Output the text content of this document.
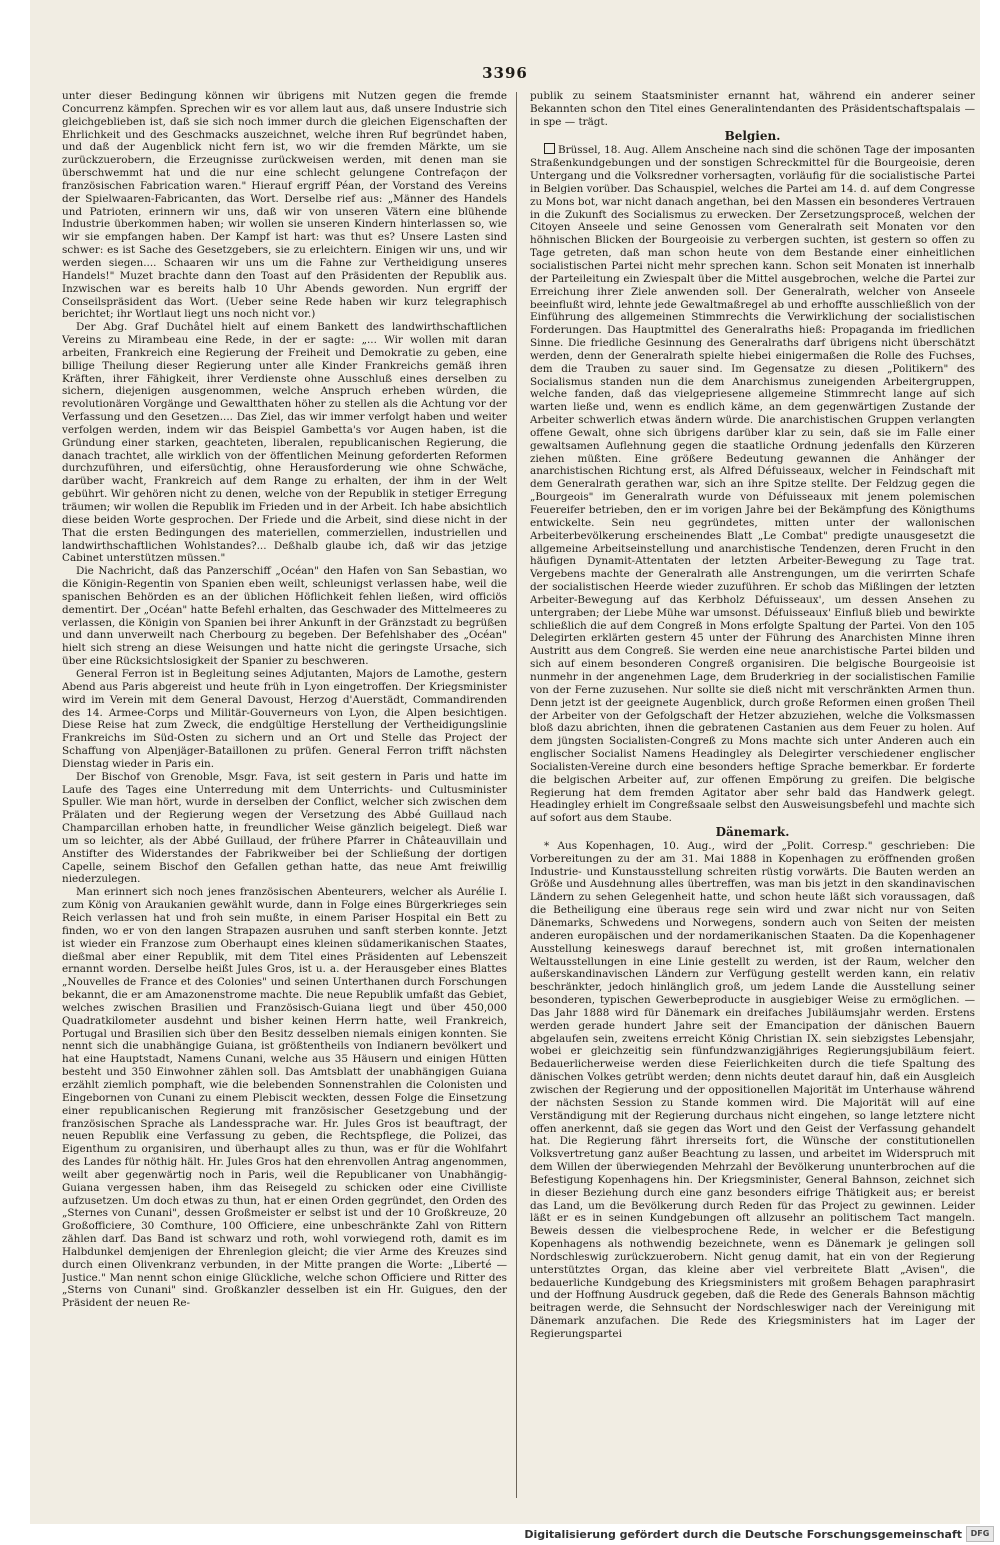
3396

unter dieser Bedingung können wir übrigens mit Nutzen gegen die fremde Concurrenz kämpfen. Sprechen wir es vor allem laut aus, daß unsere Industrie sich gleichgeblieben ist, daß sie sich noch immer durch die gleichen Eigenschaften der Ehrlichkeit und des Geschmacks auszeichnet, welche ihren Ruf begründet haben, und daß der Augenblick nicht fern ist, wo wir die fremden Märkte, um sie zurückzuerobern, die Erzeugnisse zurückweisen werden, mit denen man sie überschwemmt hat und die nur eine schlecht gelungene Contrefaçon der französischen Fabrication waren." Hierauf ergriff Péan, der Vorstand des Vereins der Spielwaaren-Fabricanten, das Wort. Derselbe rief aus: „Männer des Handels und Patrioten, erinnern wir uns, daß wir von unseren Vätern eine blühende Industrie überkommen haben; wir wollen sie unseren Kindern hinterlassen so, wie wir sie empfangen haben. Der Kampf ist hart: was thut es? Unsere Lasten sind schwer: es ist Sache des Gesetzgebers, sie zu erleichtern. Einigen wir uns, und wir werden siegen.... Schaaren wir uns um die Fahne zur Vertheidigung unseres Handels!" Muzet brachte dann den Toast auf den Präsidenten der Republik aus. Inzwischen war es bereits halb 10 Uhr Abends geworden. Nun ergriff der Conseilspräsident das Wort. (Ueber seine Rede haben wir kurz telegraphisch berichtet; ihr Wortlaut liegt uns noch nicht vor.)

Der Abg. Graf Duchâtel hielt auf einem Bankett des landwirthschaftlichen Vereins zu Mirambeau eine Rede, in der er sagte: „... Wir wollen mit daran arbeiten, Frankreich eine Regierung der Freiheit und Demokratie zu geben, eine billige Theilung dieser Regierung unter alle Kinder Frankreichs gemäß ihren Kräften, ihrer Fähigkeit, ihrer Verdienste ohne Ausschluß eines derselben zu sichern, diejenigen ausgenommen, welche Anspruch erheben würden, die revolutionären Vorgänge und Gewaltthaten höher zu stellen als die Achtung vor der Verfassung und den Gesetzen.... Das Ziel, das wir immer verfolgt haben und weiter verfolgen werden, indem wir das Beispiel Gambetta's vor Augen haben, ist die Gründung einer starken, geachteten, liberalen, republicanischen Regierung, die danach trachtet, alle wirklich von der öffentlichen Meinung geforderten Reformen durchzuführen, und eifersüchtig, ohne Herausforderung wie ohne Schwäche, darüber wacht, Frankreich auf dem Range zu erhalten, der ihm in der Welt gebührt. Wir gehören nicht zu denen, welche von der Republik in stetiger Erregung träumen; wir wollen die Republik im Frieden und in der Arbeit. Ich habe absichtlich diese beiden Worte gesprochen. Der Friede und die Arbeit, sind diese nicht in der That die ersten Bedingungen des materiellen, commerziellen, industriellen und landwirthschaftlichen Wohlstandes?... Deßhalb glaube ich, daß wir das jetzige Cabinet unterstützen müssen."

Die Nachricht, daß das Panzerschiff „Océan" den Hafen von San Sebastian, wo die Königin-Regentin von Spanien eben weilt, schleunigst verlassen habe, weil die spanischen Behörden es an der üblichen Höflichkeit fehlen ließen, wird officiös dementirt. Der „Océan" hatte Befehl erhalten, das Geschwader des Mittelmeeres zu verlassen, die Königin von Spanien bei ihrer Ankunft in der Gränzstadt zu begrüßen und dann unverweilt nach Cherbourg zu begeben. Der Befehlshaber des „Océan" hielt sich streng an diese Weisungen und hatte nicht die geringste Ursache, sich über eine Rücksichtslosigkeit der Spanier zu beschweren.

General Ferron ist in Begleitung seines Adjutanten, Majors de Lamothe, gestern Abend aus Paris abgereist und heute früh in Lyon eingetroffen. Der Kriegsminister wird im Verein mit dem General Davoust, Herzog d'Auerstädt, Commandirenden des 14. Armee-Corps und Militär-Gouverneurs von Lyon, die Alpen besichtigen. Diese Reise hat zum Zweck, die endgültige Herstellung der Vertheidigungslinie Frankreichs im Süd-Osten zu sichern und an Ort und Stelle das Project der Schaffung von Alpenjäger-Bataillonen zu prüfen. General Ferron trifft nächsten Dienstag wieder in Paris ein.

Der Bischof von Grenoble, Msgr. Fava, ist seit gestern in Paris und hatte im Laufe des Tages eine Unterredung mit dem Unterrichts- und Cultusminister Spuller. Wie man hört, wurde in derselben der Conflict, welcher sich zwischen dem Prälaten und der Regierung wegen der Versetzung des Abbé Guillaud nach Champarcillan erhoben hatte, in freundlicher Weise gänzlich beigelegt. Dieß war um so leichter, als der Abbé Guillaud, der frühere Pfarrer in Châteauvillain und Anstifter des Widerstandes der Fabrikweiber bei der Schließung der dortigen Capelle, seinem Bischof den Gefallen gethan hatte, das neue Amt freiwillig niederzulegen.

Man erinnert sich noch jenes französischen Abenteurers, welcher als Aurélie I. zum König von Araukanien gewählt wurde, dann in Folge eines Bürgerkrieges sein Reich verlassen hat und froh sein mußte, in einem Pariser Hospital ein Bett zu finden, wo er von den langen Strapazen ausruhen und sanft sterben konnte. Jetzt ist wieder ein Franzose zum Oberhaupt eines kleinen südamerikanischen Staates, dießmal aber einer Republik, mit dem Titel eines Präsidenten auf Lebenszeit ernannt worden. Derselbe heißt Jules Gros, ist u. a. der Herausgeber eines Blattes „Nouvelles de France et des Colonies" und seinen Unterthanen durch Forschungen bekannt, die er am Amazonenstrome machte. Die neue Republik umfaßt das Gebiet, welches zwischen Brasilien und Französisch-Guiana liegt und über 450,000 Quadratkilometer ausdehnt und bisher keinen Herrn hatte, weil Frankreich, Portugal und Brasilien sich über den Besitz desselben niemals einigen konnten. Sie nennt sich die unabhängige Guiana, ist größtentheils von Indianern bevölkert und hat eine Hauptstadt, Namens Cunani, welche aus 35 Häusern und einigen Hütten besteht und 350 Einwohner zählen soll. Das Amtsblatt der unabhängigen Guiana erzählt ziemlich pomphaft, wie die belebenden Sonnenstrahlen die Colonisten und Eingebornen von Cunani zu einem Plebiscit weckten, dessen Folge die Einsetzung einer republicanischen Regierung mit französischer Gesetzgebung und der französischen Sprache als Landessprache war. Hr. Jules Gros ist beauftragt, der neuen Republik eine Verfassung zu geben, die Rechtspflege, die Polizei, das Eigenthum zu organisiren, und überhaupt alles zu thun, was er für die Wohlfahrt des Landes für nöthig hält. Hr. Jules Gros hat den ehrenvollen Antrag angenommen, weilt aber gegenwärtig noch in Paris, weil die Republicaner von Unabhängig-Guiana vergessen haben, ihm das Reisegeld zu schicken oder eine Civilliste aufzusetzen. Um doch etwas zu thun, hat er einen Orden gegründet, den Orden des „Sternes von Cunani", dessen Großmeister er selbst ist und der 10 Großkreuze, 20 Großofficiere, 30 Comthure, 100 Officiere, eine unbeschränkte Zahl von Rittern zählen darf. Das Band ist schwarz und roth, wohl vorwiegend roth, damit es im Halbdunkel demjenigen der Ehrenlegion gleicht; die vier Arme des Kreuzes sind durch einen Olivenkranz verbunden, in der Mitte prangen die Worte: „Liberté — Justice." Man nennt schon einige Glückliche, welche schon Officiere und Ritter des „Sterns von Cunani" sind. Großkanzler desselben ist ein Hr. Guigues, den der Präsident der neuen Re-

publik zu seinem Staatsminister ernannt hat, während ein anderer seiner Bekannten schon den Titel eines Generalintendanten des Präsidentschaftspalais — in spe — trägt.

Belgien.

Brüssel, 18. Aug. Allem Anscheine nach sind die schönen Tage der imposanten Straßenkundgebungen und der sonstigen Schreckmittel für die Bourgeoisie, deren Untergang und die Volksredner vorhersagten, vorläufig für die socialistische Partei in Belgien vorüber. Das Schauspiel, welches die Partei am 14. d. auf dem Congresse zu Mons bot, war nicht danach angethan, bei den Massen ein besonderes Vertrauen in die Zukunft des Socialismus zu erwecken. Der Zersetzungsproceß, welchen der Citoyen Anseele und seine Genossen vom Generalrath seit Monaten vor den höhnischen Blicken der Bourgeoisie zu verbergen suchten, ist gestern so offen zu Tage getreten, daß man schon heute von dem Bestande einer einheitlichen socialistischen Partei nicht mehr sprechen kann. Schon seit Monaten ist innerhalb der Parteileitung ein Zwiespalt über die Mittel ausgebrochen, welche die Partei zur Erreichung ihrer Ziele anwenden soll. Der Generalrath, welcher von Anseele beeinflußt wird, lehnte jede Gewaltmaßregel ab und erhoffte ausschließlich von der Einführung des allgemeinen Stimmrechts die Verwirklichung der socialistischen Forderungen. Das Hauptmittel des Generalraths hieß: Propaganda im friedlichen Sinne. Die friedliche Gesinnung des Generalraths darf übrigens nicht überschätzt werden, denn der Generalrath spielte hiebei einigermaßen die Rolle des Fuchses, dem die Trauben zu sauer sind. Im Gegensatze zu diesen „Politikern" des Socialismus standen nun die dem Anarchismus zuneigenden Arbeitergruppen, welche fanden, daß das vielgepriesene allgemeine Stimmrecht lange auf sich warten ließe und, wenn es endlich käme, an dem gegenwärtigen Zustande der Arbeiter schwerlich etwas ändern würde. Die anarchistischen Gruppen verlangten offene Gewalt, ohne sich übrigens darüber klar zu sein, daß sie im Falle einer gewaltsamen Auflehnung gegen die staatliche Ordnung jedenfalls den Kürzeren ziehen müßten. Eine größere Bedeutung gewannen die Anhänger der anarchistischen Richtung erst, als Alfred Défuisseaux, welcher in Feindschaft mit dem Generalrath gerathen war, sich an ihre Spitze stellte. Der Feldzug gegen die „Bourgeois" im Generalrath wurde von Défuisseaux mit jenem polemischen Feuereifer betrieben, den er im vorigen Jahre bei der Bekämpfung des Königthums entwickelte. Sein neu gegründetes, mitten unter der wallonischen Arbeiterbevölkerung erscheinendes Blatt „Le Combat" predigte unausgesetzt die allgemeine Arbeitseinstellung und anarchistische Tendenzen, deren Frucht in den häufigen Dynamit-Attentaten der letzten Arbeiter-Bewegung zu Tage trat. Vergebens machte der Generalrath alle Anstrengungen, um die verirrten Schafe der socialistischen Heerde wieder zuzuführen. Er schob das Mißlingen der letzten Arbeiter-Bewegung auf das Kerbholz Défuisseaux', um dessen Ansehen zu untergraben; der Liebe Mühe war umsonst. Défuisseaux' Einfluß blieb und bewirkte schließlich die auf dem Congreß in Mons erfolgte Spaltung der Partei. Von den 105 Delegirten erklärten gestern 45 unter der Führung des Anarchisten Minne ihren Austritt aus dem Congreß. Sie werden eine neue anarchistische Partei bilden und sich auf einem besonderen Congreß organisiren. Die belgische Bourgeoisie ist nunmehr in der angenehmen Lage, dem Bruderkrieg in der socialistischen Familie von der Ferne zuzusehen. Nur sollte sie dieß nicht mit verschränkten Armen thun. Denn jetzt ist der geeignete Augenblick, durch große Reformen einen großen Theil der Arbeiter von der Gefolgschaft der Hetzer abzuziehen, welche die Volksmassen bloß dazu abrichten, ihnen die gebratenen Castanien aus dem Feuer zu holen. Auf dem jüngsten Socialisten-Congreß zu Mons machte sich unter Anderen auch ein englischer Socialist Namens Headingley als Delegirter verschiedener englischer Socialisten-Vereine durch eine besonders heftige Sprache bemerkbar. Er forderte die belgischen Arbeiter auf, zur offenen Empörung zu greifen. Die belgische Regierung hat dem fremden Agitator aber sehr bald das Handwerk gelegt. Headingley erhielt im Congreßsaale selbst den Ausweisungsbefehl und machte sich auf sofort aus dem Staube.

Dänemark.

* Aus Kopenhagen, 10. Aug., wird der „Polit. Corresp." geschrieben: Die Vorbereitungen zu der am 31. Mai 1888 in Kopenhagen zu eröffnenden großen Industrie- und Kunstausstellung schreiten rüstig vorwärts. Die Bauten werden an Größe und Ausdehnung alles übertreffen, was man bis jetzt in den skandinavischen Ländern zu sehen Gelegenheit hatte, und schon heute läßt sich voraussagen, daß die Betheiligung eine überaus rege sein wird und zwar nicht nur von Seiten Dänemarks, Schwedens und Norwegens, sondern auch von Seiten der meisten anderen europäischen und der nordamerikanischen Staaten. Da die Kopenhagener Ausstellung keineswegs darauf berechnet ist, mit großen internationalen Weltausstellungen in eine Linie gestellt zu werden, ist der Raum, welcher den außerskandinavischen Ländern zur Verfügung gestellt werden kann, ein relativ beschränkter, jedoch hinlänglich groß, um jedem Lande die Ausstellung seiner besonderen, typischen Gewerbeproducte in ausgiebiger Weise zu ermöglichen. — Das Jahr 1888 wird für Dänemark ein dreifaches Jubiläumsjahr werden. Erstens werden gerade hundert Jahre seit der Emancipation der dänischen Bauern abgelaufen sein, zweitens erreicht König Christian IX. sein siebzigstes Lebensjahr, wobei er gleichzeitig sein fünfundzwanzigjähriges Regierungsjubiläum feiert. Bedauerlicherweise werden diese Feierlichkeiten durch die tiefe Spaltung des dänischen Volkes getrübt werden; denn nichts deutet darauf hin, daß ein Ausgleich zwischen der Regierung und der oppositionellen Majorität im Unterhause während der nächsten Session zu Stande kommen wird. Die Majorität will auf eine Verständigung mit der Regierung durchaus nicht eingehen, so lange letztere nicht offen anerkennt, daß sie gegen das Wort und den Geist der Verfassung gehandelt hat. Die Regierung fährt ihrerseits fort, die Wünsche der constitutionellen Volksvertretung ganz außer Beachtung zu lassen, und arbeitet im Widerspruch mit dem Willen der überwiegenden Mehrzahl der Bevölkerung ununterbrochen auf die Befestigung Kopenhagens hin. Der Kriegsminister, General Bahnson, zeichnet sich in dieser Beziehung durch eine ganz besonders eifrige Thätigkeit aus; er bereist das Land, um die Bevölkerung durch Reden für das Project zu gewinnen. Leider läßt er es in seinen Kundgebungen oft allzusehr an politischem Tact mangeln. Beweis dessen die vielbesprochene Rede, in welcher er die Befestigung Kopenhagens als nothwendig bezeichnete, wenn es Dänemark je gelingen soll Nordschleswig zurückzuerobern. Nicht genug damit, hat ein von der Regierung unterstütztes Organ, das kleine aber viel verbreitete Blatt „Avisen", die bedauerliche Kundgebung des Kriegsministers mit großem Behagen paraphrasirt und der Hoffnung Ausdruck gegeben, daß die Rede des Generals Bahnson mächtig beitragen werde, die Sehnsucht der Nordschleswiger nach der Vereinigung mit Dänemark anzufachen. Die Rede des Kriegsministers hat im Lager der Regierungspartei

Digitalisierung gefördert durch die Deutsche Forschungsgemeinschaft	DFG
